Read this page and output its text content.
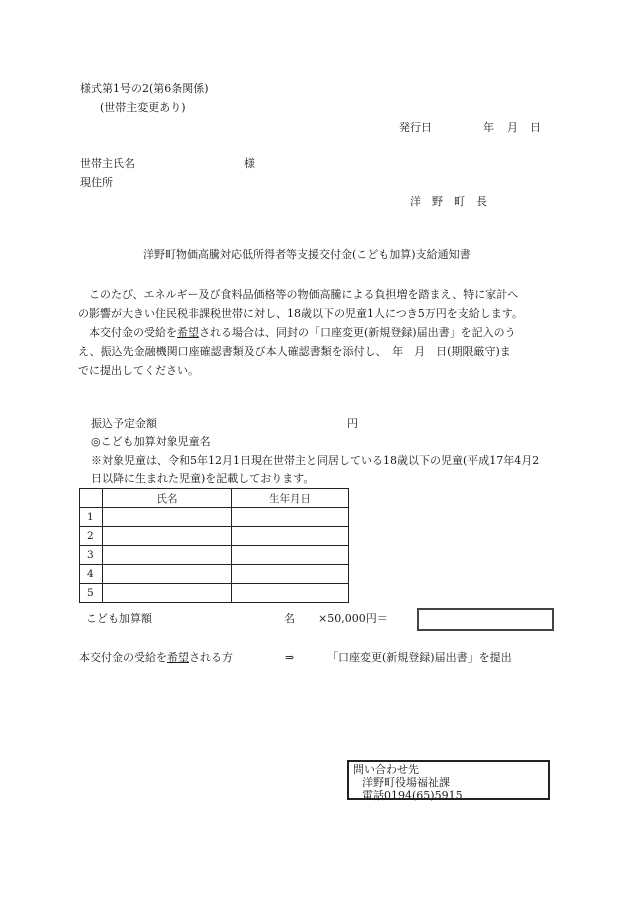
様式第1号の2(第6条関係)
(世帯主変更あり)
発行日	年 月 日
世帯主氏名	様
現住所
洋　野　町　長
洋野町物価高騰対応低所得者等支援交付金(こども加算)支給通知書
　このたび、エネルギー及び食料品価格等の物価高騰による負担増を踏まえ、特に家計へ
の影響が大きい住民税非課税世帯に対し、18歳以下の児童1人につき5万円を支給します。
　本交付金の受給を希望される場合は、同封の「口座変更(新規登録)届出書」を記入のう
え、振込先金融機関口座確認書類及び本人確認書類を添付し、　年　月　日(期限厳守)ま
でに提出してください。
振込予定金額	円
◎こども加算対象児童名
※対象児童は、令和5年12月1日現在世帯主と同居している18歳以下の児童(平成17年4月2
日以降に生まれた児童)を記載しております。
	氏名	生年月日
1		
2		
3		
4		
5		
こども加算額	名 ×50,000円＝
本交付金の受給を希望される方	⇒	「口座変更(新規登録)届出書」を提出
問い合わせ先
洋野町役場福祉課
電話0194(65)5915
